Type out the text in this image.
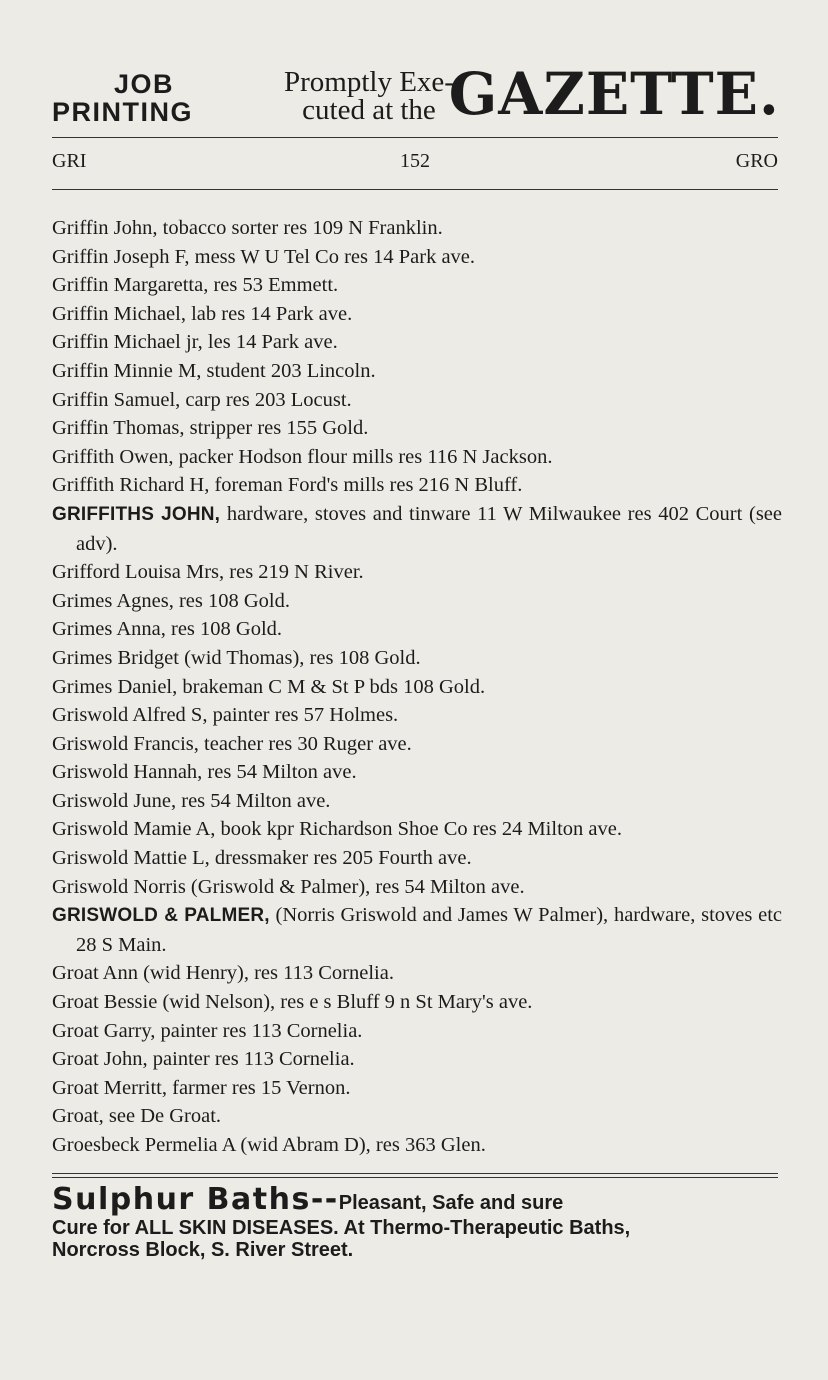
JOB
PRINTING
Promptly Exe-
cuted at the GAZETTE.
GRI	152	GRO

Griffin John, tobacco sorter res 109 N Franklin.

Griffin Joseph F, mess W U Tel Co res 14 Park ave.

Griffin Margaretta, res 53 Emmett.

Griffin Michael, lab res 14 Park ave.

Griffin Michael jr, les 14 Park ave.

Griffin Minnie M, student 203 Lincoln.

Griffin Samuel, carp res 203 Locust.

Griffin Thomas, stripper res 155 Gold.

Griffith Owen, packer Hodson flour mills res 116 N Jackson.

Griffith Richard H, foreman Ford's mills res 216 N Bluff.

GRIFFITHS JOHN, hardware, stoves and tinware 11 W Milwaukee res 402 Court (see adv).

Grifford Louisa Mrs, res 219 N River.

Grimes Agnes, res 108 Gold.

Grimes Anna, res 108 Gold.

Grimes Bridget (wid Thomas), res 108 Gold.

Grimes Daniel, brakeman C M & St P bds 108 Gold.

Griswold Alfred S, painter res 57 Holmes.

Griswold Francis, teacher res 30 Ruger ave.

Griswold Hannah, res 54 Milton ave.

Griswold June, res 54 Milton ave.

Griswold Mamie A, book kpr Richardson Shoe Co res 24 Milton ave.

Griswold Mattie L, dressmaker res 205 Fourth ave.

Griswold Norris (Griswold & Palmer), res 54 Milton ave.

GRISWOLD & PALMER, (Norris Griswold and James W Palmer), hardware, stoves etc 28 S Main.

Groat Ann (wid Henry), res 113 Cornelia.

Groat Bessie (wid Nelson), res e s Bluff 9 n St Mary's ave.

Groat Garry, painter res 113 Cornelia.

Groat John, painter res 113 Cornelia.

Groat Merritt, farmer res 15 Vernon.

Groat, see De Groat.

Groesbeck Permelia A (wid Abram D), res 363 Glen.

Sulphur Baths--Pleasant, Safe and sure
Cure for ALL SKIN DISEASES. At Thermo-Therapeutic Baths,
Norcross Block, S. River Street.
